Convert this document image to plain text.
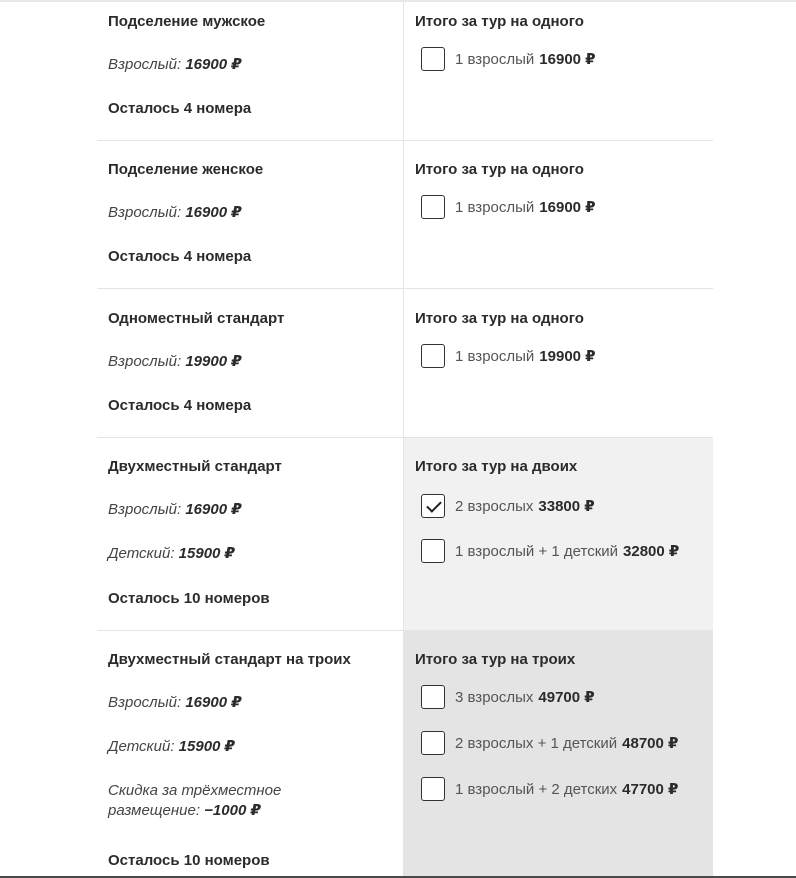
Подселение мужское
Взрослый: 16900 ₽
Осталось 4 номера
Итого за тур на одного
1 взрослый 16900 ₽
Подселение женское
Взрослый: 16900 ₽
Осталось 4 номера
Итого за тур на одного
1 взрослый 16900 ₽
Одноместный стандарт
Взрослый: 19900 ₽
Осталось 4 номера
Итого за тур на одного
1 взрослый 19900 ₽
Двухместный стандарт
Взрослый: 16900 ₽
Детский: 15900 ₽
Осталось 10 номеров
Итого за тур на двоих
2 взрослых 33800 ₽
1 взрослый + 1 детский 32800 ₽
Двухместный стандарт на троих
Взрослый: 16900 ₽
Детский: 15900 ₽
Скидка за трёхместное
размещение: −1000 ₽
Осталось 10 номеров
Итого за тур на троих
3 взрослых 49700 ₽
2 взрослых + 1 детский 48700 ₽
1 взрослый + 2 детских 47700 ₽
